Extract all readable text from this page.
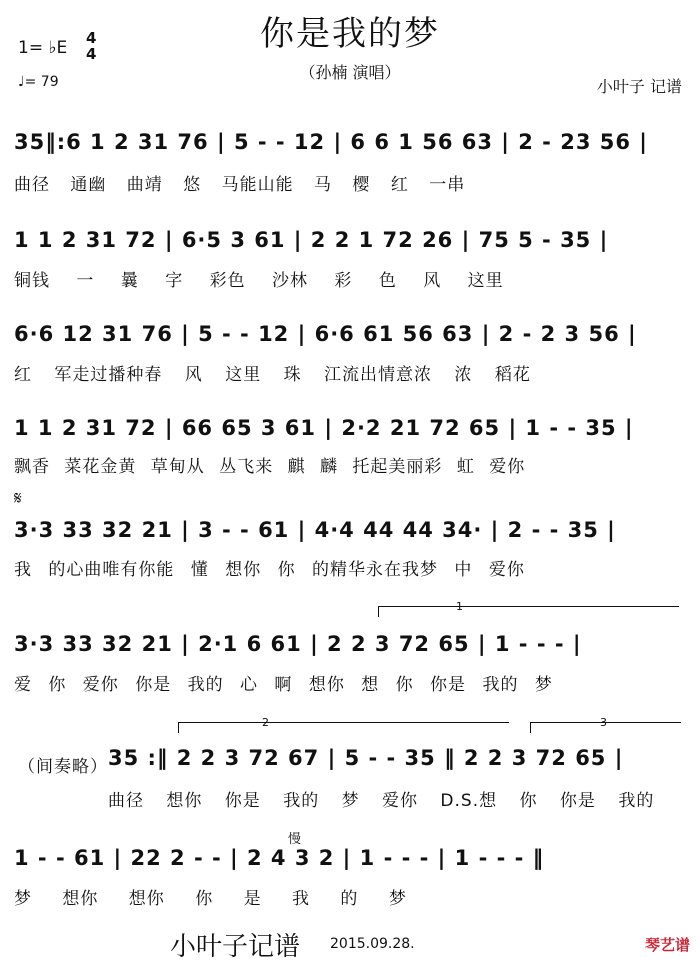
你是我的梦
（孙楠 演唱）
1= ♭E 4
4
♩= 79	小叶子 记谱
35‖:6 1 2 31 76 | 5 - - 12 | 6 6 1 56 63 | 2 - 23 56 |
曲径 通幽 曲靖 悠 马能山能 马 樱 红 一串
1 1 2 31 72 | 6·5 3 61 | 2 2 1 72 26 | 75 5 - 35 |
铜钱 一 曩 字 彩色 沙林 彩 色 风 这里
6·6 12 31 76 | 5 - - 12 | 6·6 61 56 63 | 2 - 2 3 56 |
红 军走过播种春 风 这里 珠 江流出情意浓 浓 稻花
1 1 2 31 72 | 66 65 3 61 | 2·2 21 72 65 | 1 - - 35 |
飘香 菜花金黄 草甸从 丛飞来 麒 麟 托起美丽彩 虹 爱你
𝄋
3·3 33 32 21 | 3 - - 61 | 4·4 44 44 34· | 2 - - 35 |
我 的心曲唯有你能 懂 想你 你 的精华永在我梦 中 爱你
1
3·3 33 32 21 | 2·1 6 61 | 2 2 3 72 65 | 1 - - - |
爱 你 爱你 你是 我的 心 啊 想你 想 你 你是 我的 梦
2	3
（间奏略） 35 :‖ 2 2 3 72 67 | 5 - - 35 ‖ 2 2 3 72 65 |
曲径 想你 你是 我的 梦 爱你 D.S.想 你 你是 我的
慢
1 - - 61 | 22 2 - - | 2 4 3 2 | 1 - - - | 1 - - - ‖
梦 想你 想你 你 是 我 的 梦
小叶子记谱 2015.09.28.	琴艺谱
